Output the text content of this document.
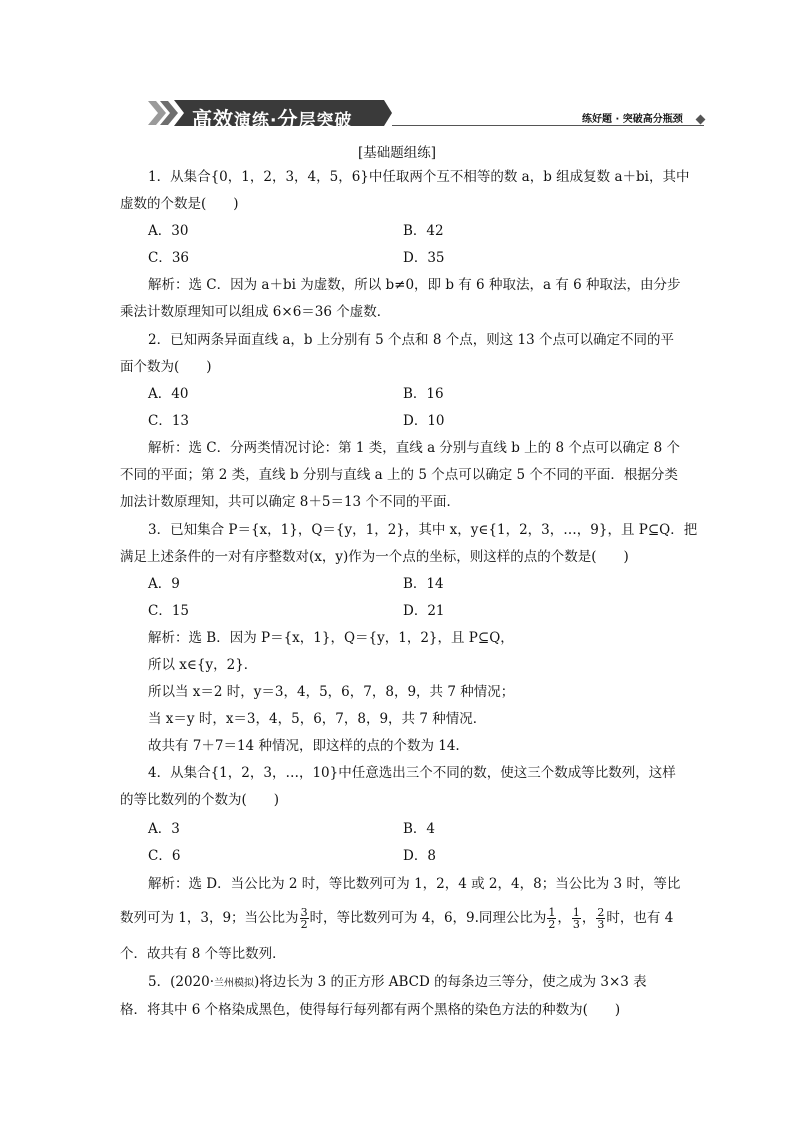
高效演练·分层突破	练好题 · 突破高分瓶颈
[基础题组练]
1．从集合{0，1，2，3，4，5，6}中任取两个互不相等的数 a，b 组成复数 a＋bi，其中
虚数的个数是(　　)
A．30	B．42
C．36	D．35
解析：选 C．因为 a＋bi 为虚数，所以 b≠0，即 b 有 6 种取法，a 有 6 种取法，由分步
乘法计数原理知可以组成 6×6＝36 个虚数．
2．已知两条异面直线 a，b 上分别有 5 个点和 8 个点，则这 13 个点可以确定不同的平
面个数为(　　)
A．40	B．16
C．13	D．10
解析：选 C．分两类情况讨论：第 1 类，直线 a 分别与直线 b 上的 8 个点可以确定 8 个
不同的平面；第 2 类，直线 b 分别与直线 a 上的 5 个点可以确定 5 个不同的平面．根据分类
加法计数原理知，共可以确定 8＋5＝13 个不同的平面．
3．已知集合 P＝{x，1}，Q＝{y，1，2}，其中 x，y∈{1，2，3，…，9}，且 P⊆Q．把
满足上述条件的一对有序整数对(x，y)作为一个点的坐标，则这样的点的个数是(　　)
A．9	B．14
C．15	D．21
解析：选 B．因为 P＝{x，1}，Q＝{y，1，2}，且 P⊆Q，
所以 x∈{y，2}．
所以当 x＝2 时，y＝3，4，5，6，7，8，9，共 7 种情况；
当 x＝y 时，x＝3，4，5，6，7，8，9，共 7 种情况．
故共有 7＋7＝14 种情况，即这样的点的个数为 14.
4．从集合{1，2，3，…，10}中任意选出三个不同的数，使这三个数成等比数列，这样
的等比数列的个数为(　　)
A．3	B．4
C．6	D．8
解析：选 D．当公比为 2 时，等比数列可为 1，2，4 或 2，4，8；当公比为 3 时，等比
数列可为 1，3，9；当公比为 $\frac{3}{2}$ 时，等比数列可为 4，6，9.同理公比为 $\frac{1}{2}$ ， $\frac{1}{3}$ ， $\frac{2}{3}$ 时，也有 4
个．故共有 8 个等比数列．
5．(2020·兰州模拟)将边长为 3 的正方形 ABCD 的每条边三等分，使之成为 3×3 表
格．将其中 6 个格染成黑色，使得每行每列都有两个黑格的染色方法的种数为(　　)
